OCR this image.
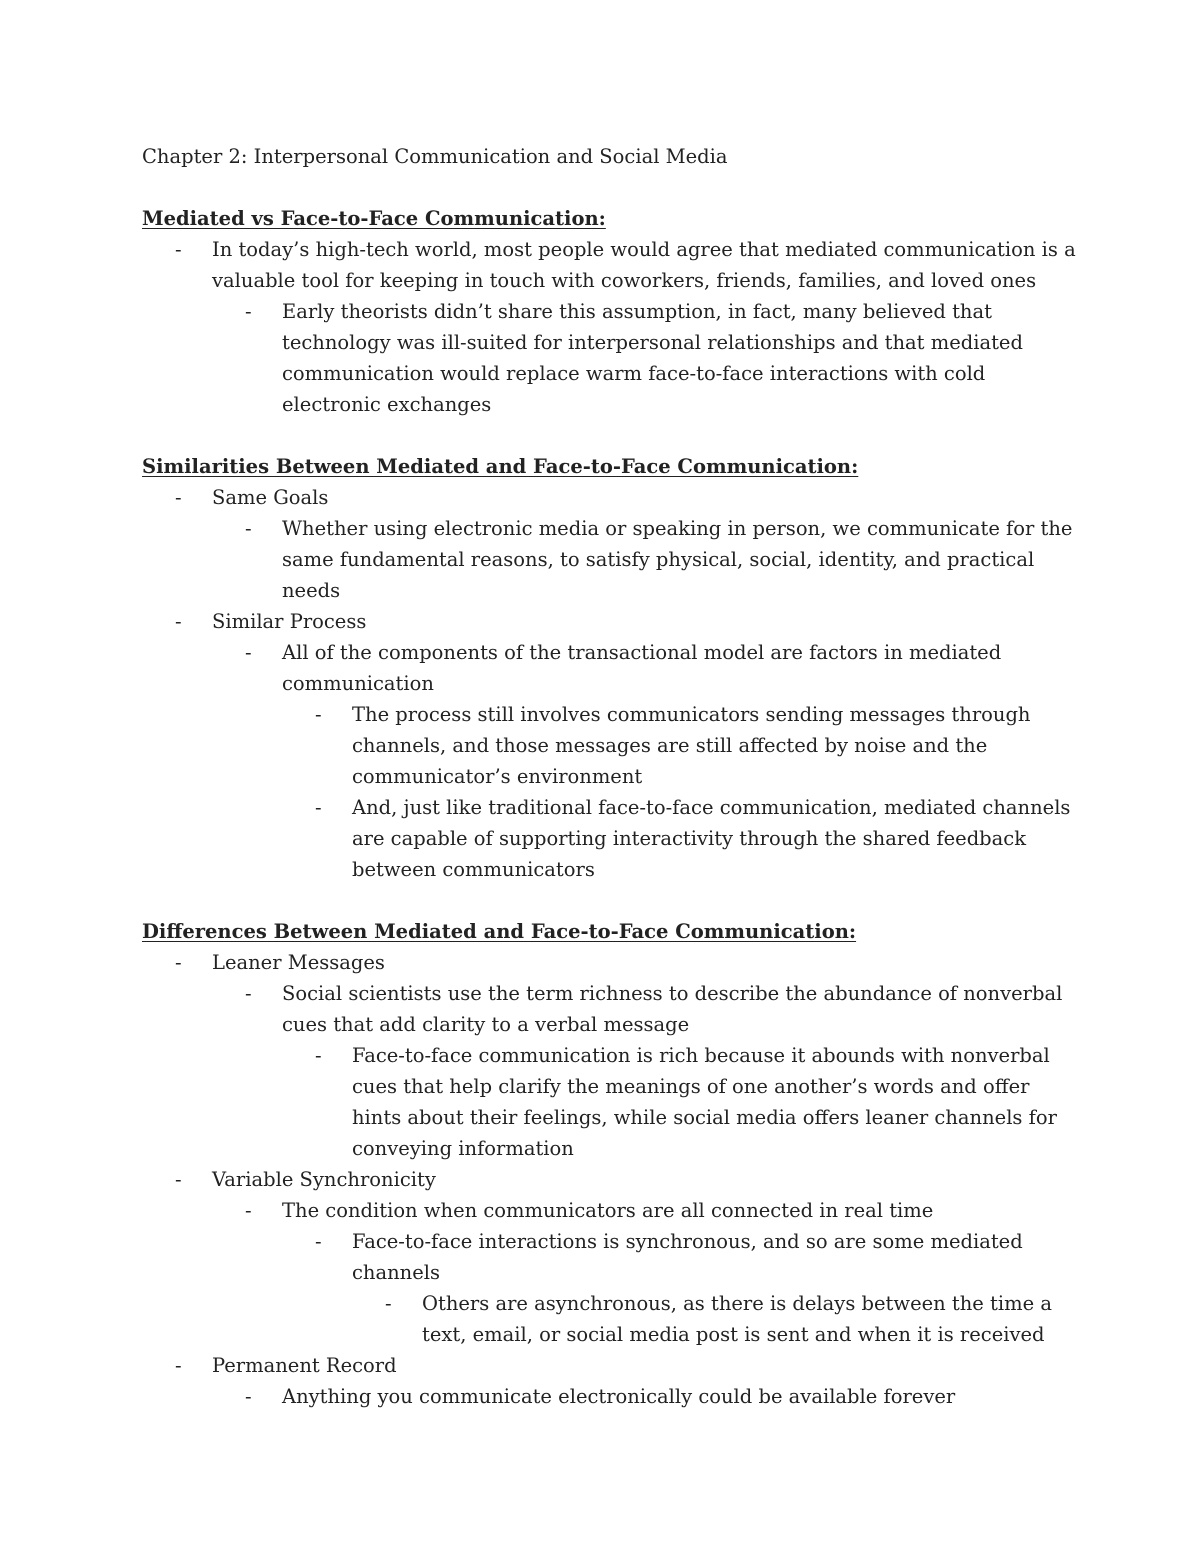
Chapter 2: Interpersonal Communication and Social Media

Mediated vs Face-to-Face Communication:

- In today’s high-tech world, most people would agree that mediated communication is a valuable tool for keeping in touch with coworkers, friends, families, and loved ones
- Early theorists didn’t share this assumption, in fact, many believed that technology was ill-suited for interpersonal relationships and that mediated communication would replace warm face-to-face interactions with cold electronic exchanges

Similarities Between Mediated and Face-to-Face Communication:

- Same Goals
- Whether using electronic media or speaking in person, we communicate for the same fundamental reasons, to satisfy physical, social, identity, and practical needs
- Similar Process
- All of the components of the transactional model are factors in mediated communication
- The process still involves communicators sending messages through channels, and those messages are still affected by noise and the communicator’s environment
- And, just like traditional face-to-face communication, mediated channels are capable of supporting interactivity through the shared feedback between communicators

Differences Between Mediated and Face-to-Face Communication:

- Leaner Messages
- Social scientists use the term richness to describe the abundance of nonverbal cues that add clarity to a verbal message
- Face-to-face communication is rich because it abounds with nonverbal cues that help clarify the meanings of one another’s words and offer hints about their feelings, while social media offers leaner channels for conveying information
- Variable Synchronicity
- The condition when communicators are all connected in real time
- Face-to-face interactions is synchronous, and so are some mediated channels
- Others are asynchronous, as there is delays between the time a text, email, or social media post is sent and when it is received
- Permanent Record
- Anything you communicate electronically could be available forever
